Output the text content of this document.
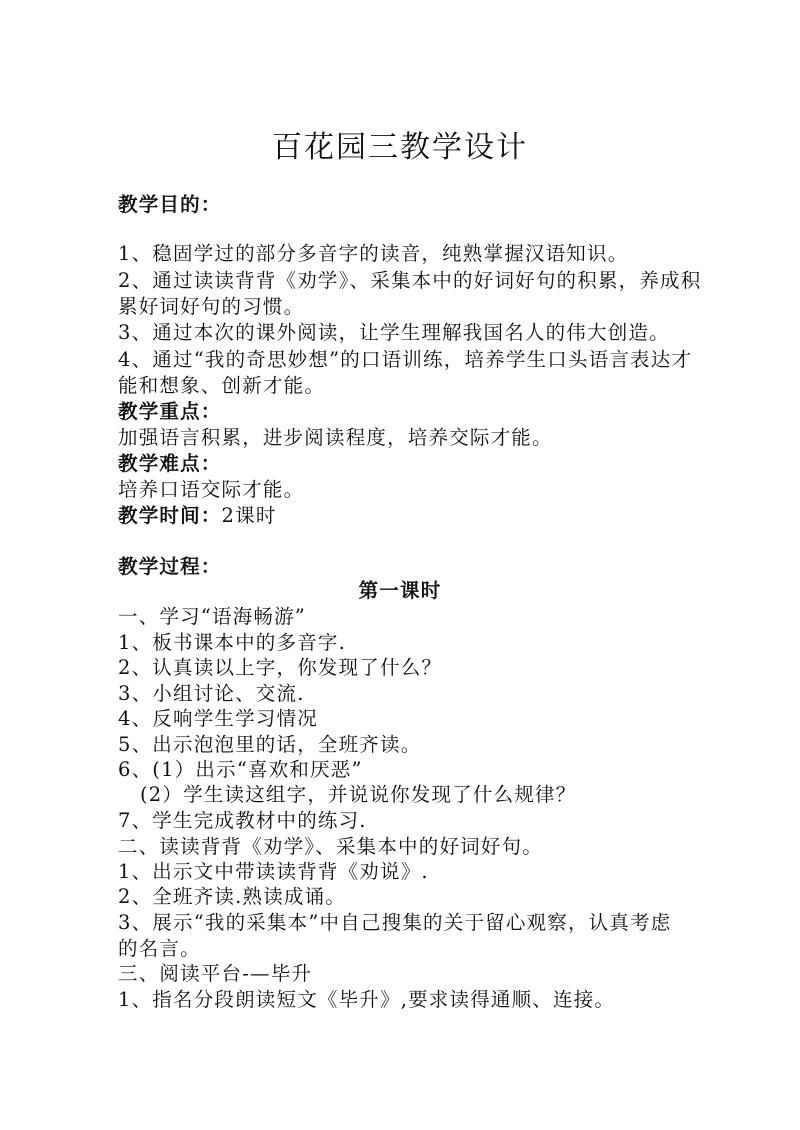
百花园三教学设计
教学目的：
1、稳固学过的部分多音字的读音，纯熟掌握汉语知识。
2、通过读读背背《劝学》、采集本中的好词好句的积累，养成积
累好词好句的习惯。
3、通过本次的课外阅读，让学生理解我国名人的伟大创造。
4、通过“我的奇思妙想”的口语训练，培养学生口头语言表达才
能和想象、创新才能。
教学重点：
加强语言积累，进步阅读程度，培养交际才能。
教学难点：
培养口语交际才能。
教学时间：2课时
教学过程：
第一课时
一、学习“语海畅游”
1、板书课本中的多音字.
2、认真读以上字，你发现了什么？
3、小组讨论、交流.
4、反响学生学习情况
5、出示泡泡里的话，全班齐读。
6、(1）出示“喜欢和厌恶”
(2）学生读这组字，并说说你发现了什么规律？
7、学生完成教材中的练习.
二、读读背背《劝学》、采集本中的好词好句。
1、出示文中带读读背背《劝说》.
2、全班齐读.熟读成诵。
3、展示“我的采集本”中自己搜集的关于留心观察，认真考虑
的名言。
三、阅读平台-—毕升
1、指名分段朗读短文《毕升》,要求读得通顺、连接。
